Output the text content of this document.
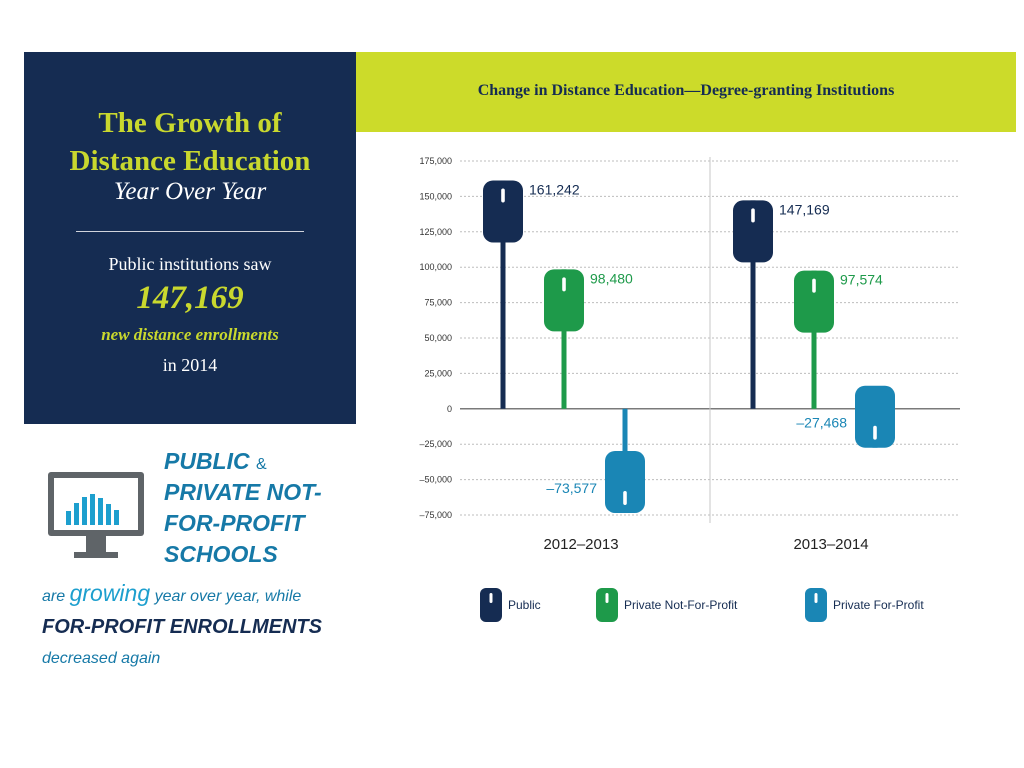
The Growth of
Distance Education
Year Over Year
Public institutions saw
147,169
new distance enrollments
in 2014
Change in Distance Education—Degree-granting Institutions
PUBLIC &
PRIVATE NOT-
FOR-PROFIT
SCHOOLS
are growing year over year, while
FOR-PROFIT ENROLLMENTS
decreased again
175,000
150,000
125,000
100,000
75,000
50,000
25,000
0
–25,000
–50,000
–75,000
2012–2013	2013–2014
161,242
147,169
98,480	97,574
–73,577
–27,468
Public	Private Not-For-Profit	Private For-Profit
